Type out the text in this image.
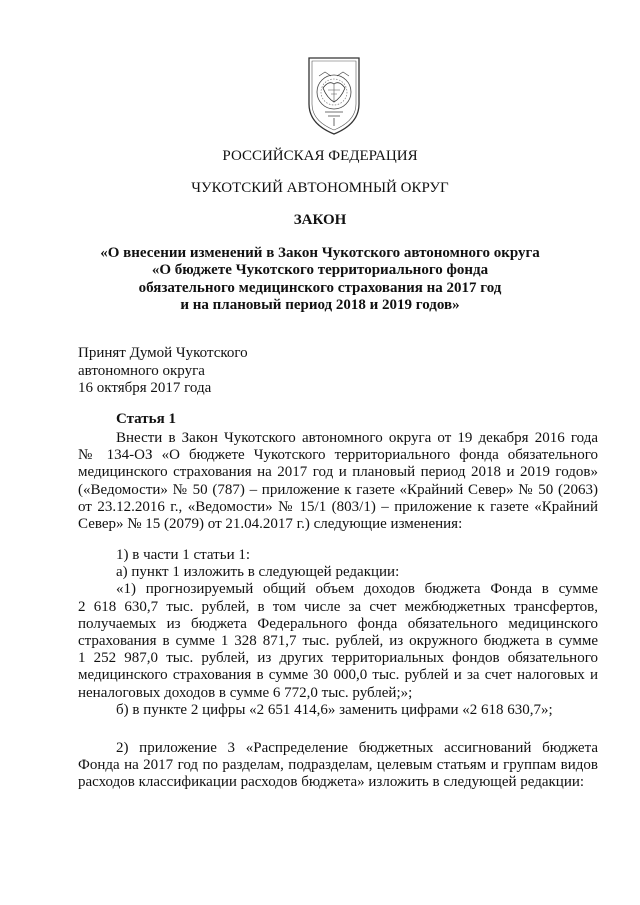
РОССИЙСКАЯ ФЕДЕРАЦИЯ
ЧУКОТСКИЙ АВТОНОМНЫЙ ОКРУГ
ЗАКОН
«О внесении изменений в Закон Чукотского автономного округа
«О бюджете Чукотского территориального фонда
обязательного медицинского страхования на 2017 год
и на плановый период 2018 и 2019 годов»
Принят Думой Чукотского
автономного округа
16 октября 2017 года
Статья 1
Внести в Закон Чукотского автономного округа от 19 декабря 2016 года
№ 134-ОЗ «О бюджете Чукотского территориального фонда обязательного
медицинского страхования на 2017 год и плановый период 2018 и 2019 годов»
(«Ведомости» № 50 (787) – приложение к газете «Крайний Север» № 50 (2063)
от 23.12.2016 г., «Ведомости» № 15/1 (803/1) – приложение к газете «Крайний
Север» № 15 (2079) от 21.04.2017 г.) следующие изменения:
1) в части 1 статьи 1:
а) пункт 1 изложить в следующей редакции:
«1) прогнозируемый общий объем доходов бюджета Фонда в сумме
2 618 630,7 тыс. рублей, в том числе за счет межбюджетных трансфертов,
получаемых из бюджета Федерального фонда обязательного медицинского
страхования в сумме 1 328 871,7 тыс. рублей, из окружного бюджета в сумме
1 252 987,0 тыс. рублей, из других территориальных фондов обязательного
медицинского страхования в сумме 30 000,0 тыс. рублей и за счет налоговых и
неналоговых доходов в сумме 6 772,0 тыс. рублей;»;
б) в пункте 2 цифры «2 651 414,6» заменить цифрами «2 618 630,7»;
2) приложение 3 «Распределение бюджетных ассигнований бюджета
Фонда на 2017 год по разделам, подразделам, целевым статьям и группам видов
расходов классификации расходов бюджета» изложить в следующей редакции:
